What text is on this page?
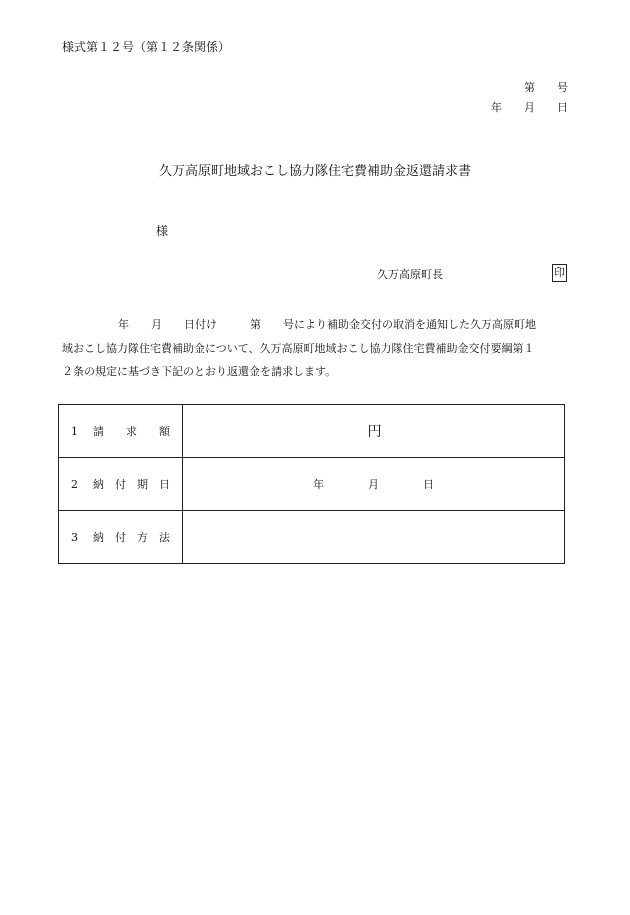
様式第１２号（第１２条関係）
第　　号
年　　月　　日
久万高原町地域おこし協力隊住宅費補助金返還請求書
様
久万高原町長	印
年　　月　　日付け　　　第　　号により補助金交付の取消を通知した久万高原町地
域おこし協力隊住宅費補助金について、久万高原町地域おこし協力隊住宅費補助金交付要綱第１
２条の規定に基づき下記のとおり返還金を請求します。
1 請　　求　　額	円
2 納　付　期　日	年　　　　月　　　　日
3 納　付　方　法	
